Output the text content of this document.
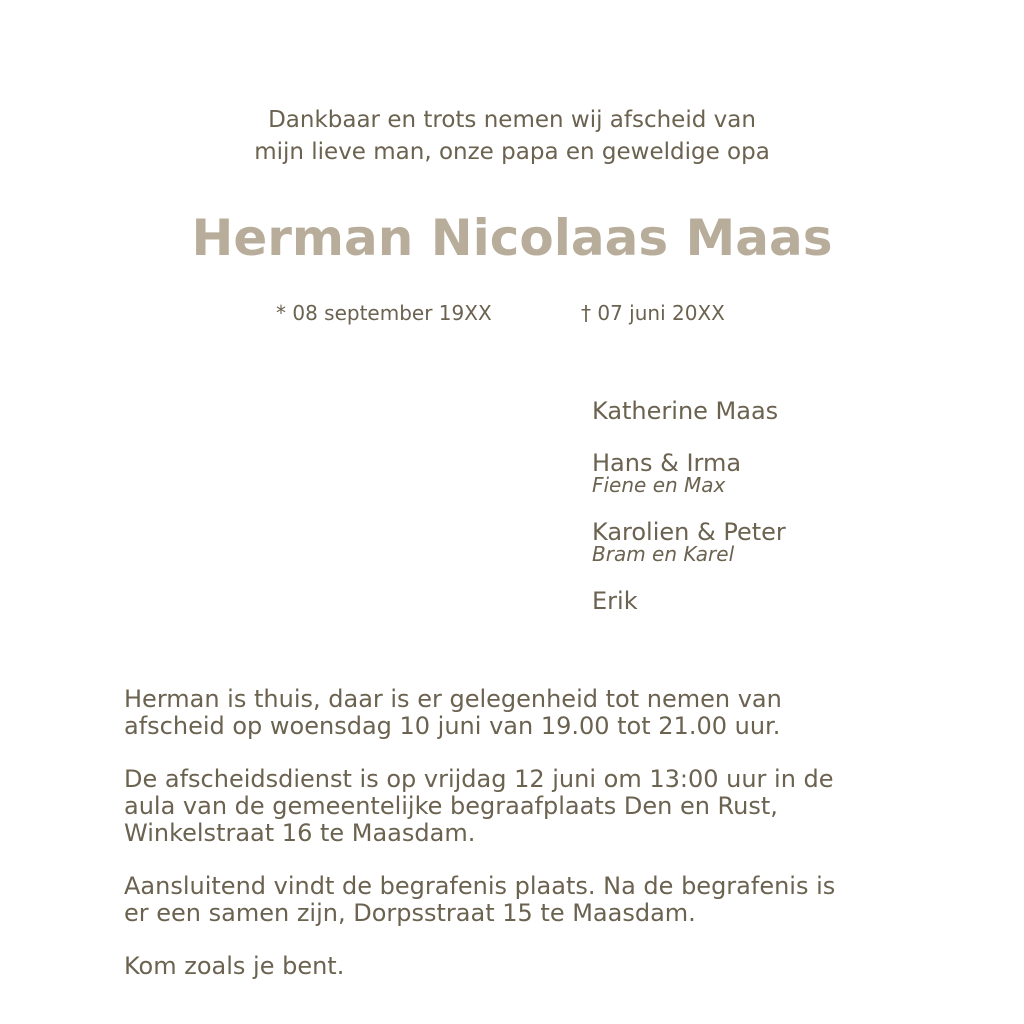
Dankbaar en trots nemen wij afscheid van
mijn lieve man, onze papa en geweldige opa
Herman Nicolaas Maas
* 08 september 19XX	† 07 juni 20XX
Katherine Maas
Hans & Irma
Fiene en Max
Karolien & Peter
Bram en Karel
Erik

Herman is thuis, daar is er gelegenheid tot nemen van
afscheid op woensdag 10 juni van 19.00 tot 21.00 uur.

De afscheidsdienst is op vrijdag 12 juni om 13:00 uur in de
aula van de gemeentelijke begraafplaats Den en Rust,
Winkelstraat 16 te Maasdam.

Aansluitend vindt de begrafenis plaats. Na de begrafenis is
er een samen zijn, Dorpsstraat 15 te Maasdam.

Kom zoals je bent.
